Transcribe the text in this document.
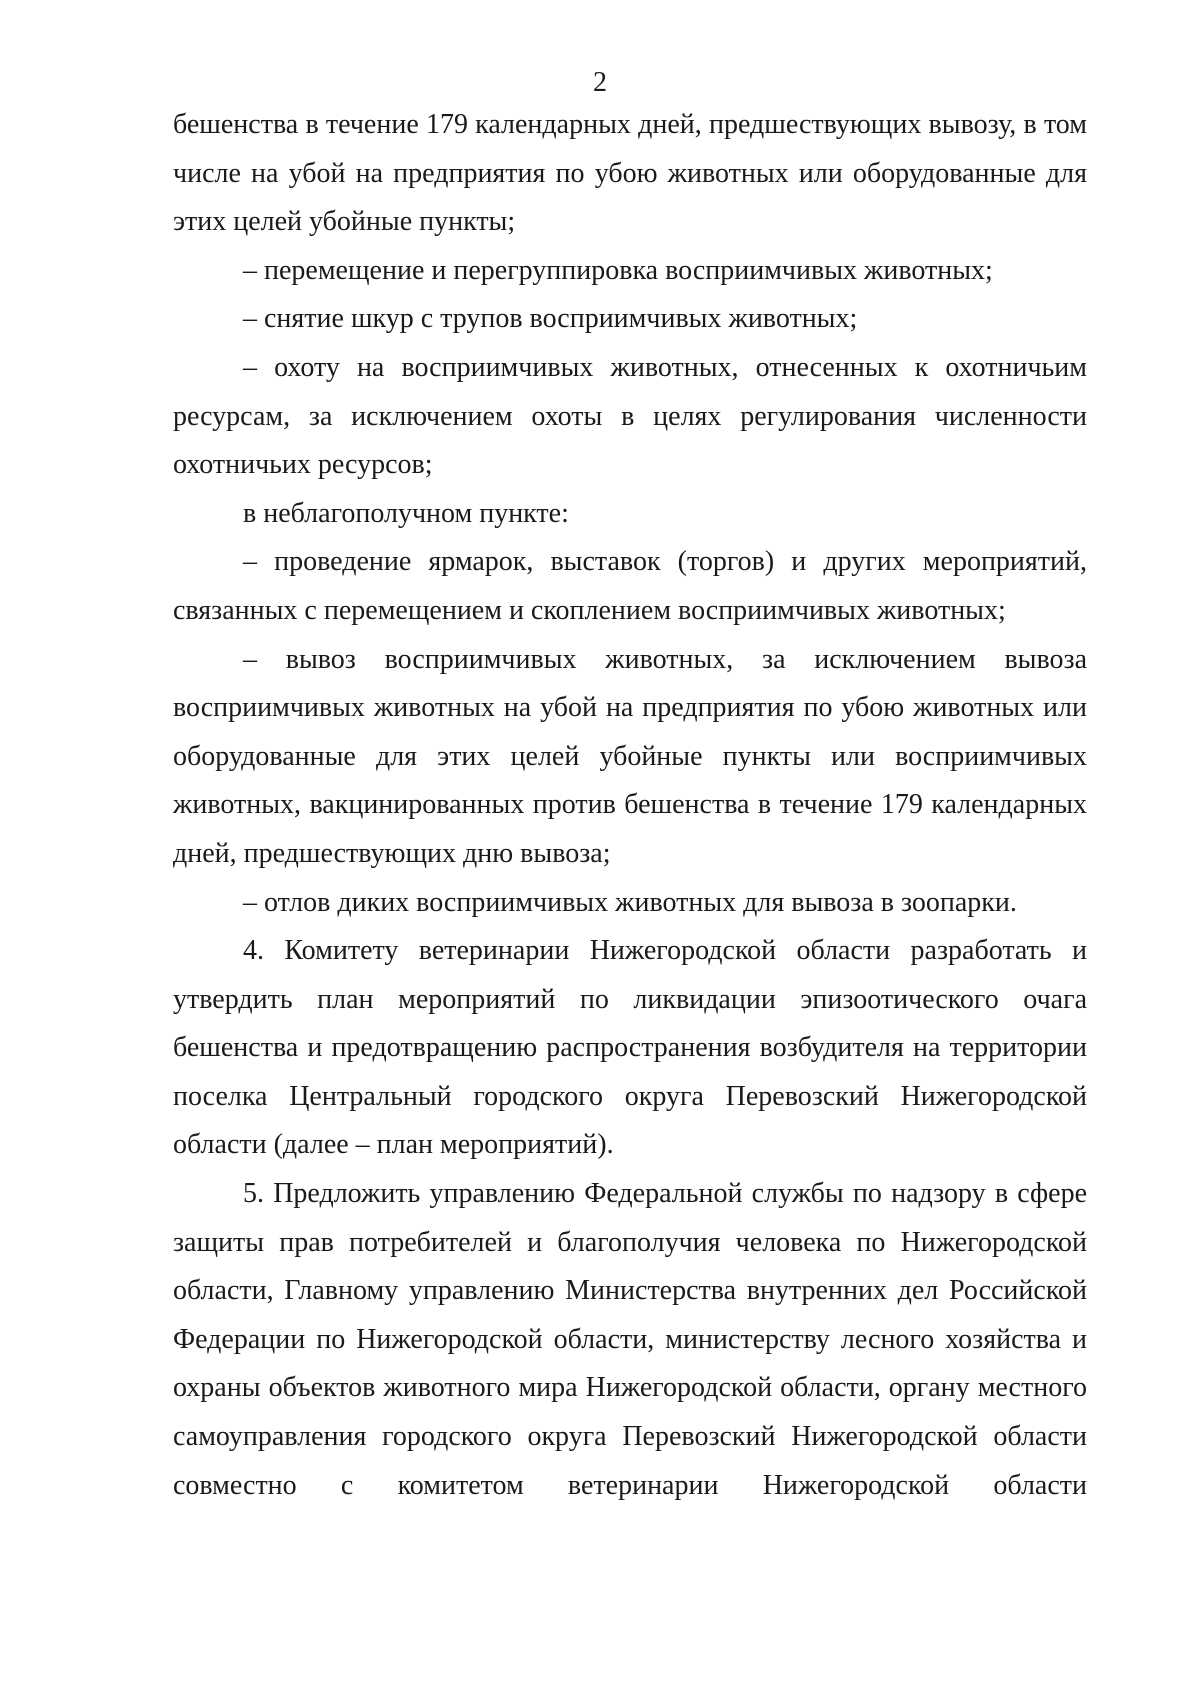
2

бешенства в течение 179 календарных дней, предшествующих вывозу, в том числе на убой на предприятия по убою животных или оборудованные для этих целей убойные пункты;

– перемещение и перегруппировка восприимчивых животных;

– снятие шкур с трупов восприимчивых животных;

– охоту на восприимчивых животных, отнесенных к охотничьим ресурсам, за исключением охоты в целях регулирования численности охотничьих ресурсов;

в неблагополучном пункте:

– проведение ярмарок, выставок (торгов) и других мероприятий, связанных с перемещением и скоплением восприимчивых животных;

– вывоз восприимчивых животных, за исключением вывоза восприимчивых животных на убой на предприятия по убою животных или оборудованные для этих целей убойные пункты или восприимчивых животных, вакцинированных против бешенства в течение 179 календарных дней, предшествующих дню вывоза;

– отлов диких восприимчивых животных для вывоза в зоопарки.

4. Комитету ветеринарии Нижегородской области разработать и утвердить план мероприятий по ликвидации эпизоотического очага бешенства и предотвращению распространения возбудителя на территории поселка Центральный городского округа Перевозский Нижегородской области (далее – план мероприятий).

5. Предложить управлению Федеральной службы по надзору в сфере защиты прав потребителей и благополучия человека по Нижегородской области, Главному управлению Министерства внутренних дел Российской Федерации по Нижегородской области, министерству лесного хозяйства и охраны объектов животного мира Нижегородской области, органу местного самоуправления городского округа Перевозский Нижегородской области совместно с комитетом ветеринарии Нижегородской области
